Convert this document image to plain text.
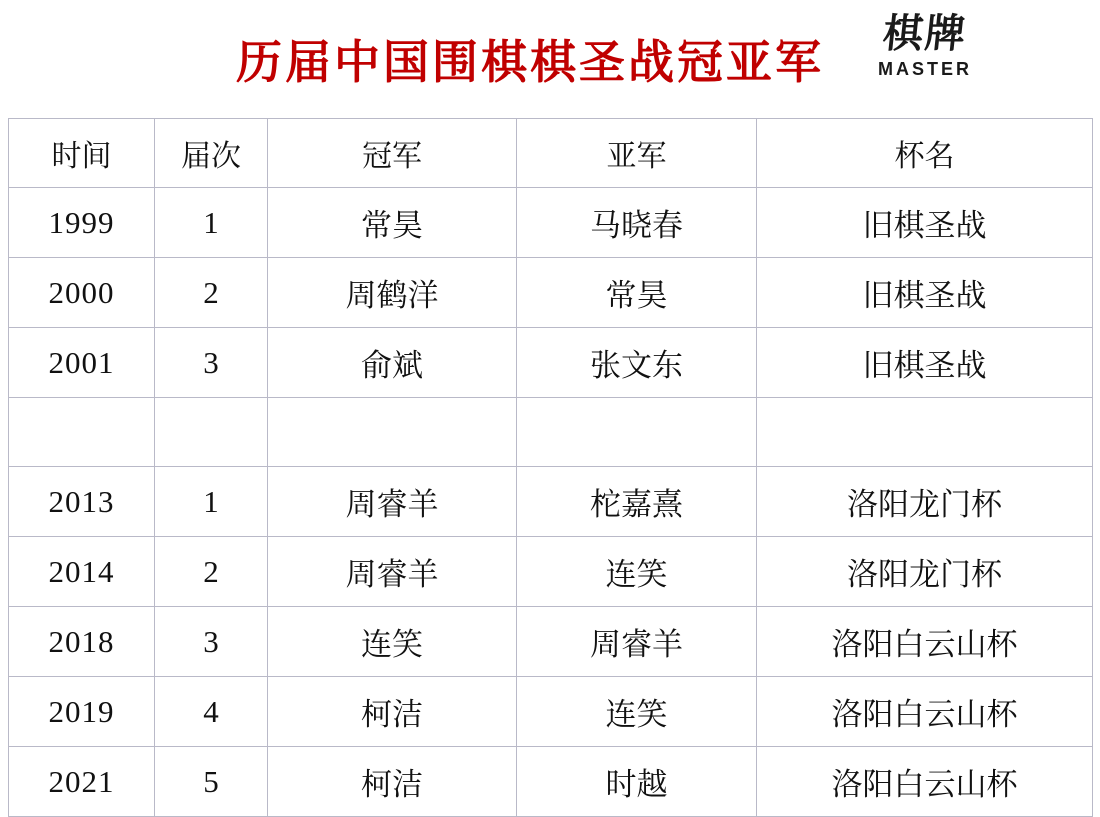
历届中国围棋棋圣战冠亚军
棋牌
MASTER
时间	届次	冠军	亚军	杯名
1999	1	常昊	马晓春	旧棋圣战
2000	2	周鹤洋	常昊	旧棋圣战
2001	3	俞斌	张文东	旧棋圣战

2013	1	周睿羊	柁嘉熹	洛阳龙门杯
2014	2	周睿羊	连笑	洛阳龙门杯
2018	3	连笑	周睿羊	洛阳白云山杯
2019	4	柯洁	连笑	洛阳白云山杯
2021	5	柯洁	时越	洛阳白云山杯
